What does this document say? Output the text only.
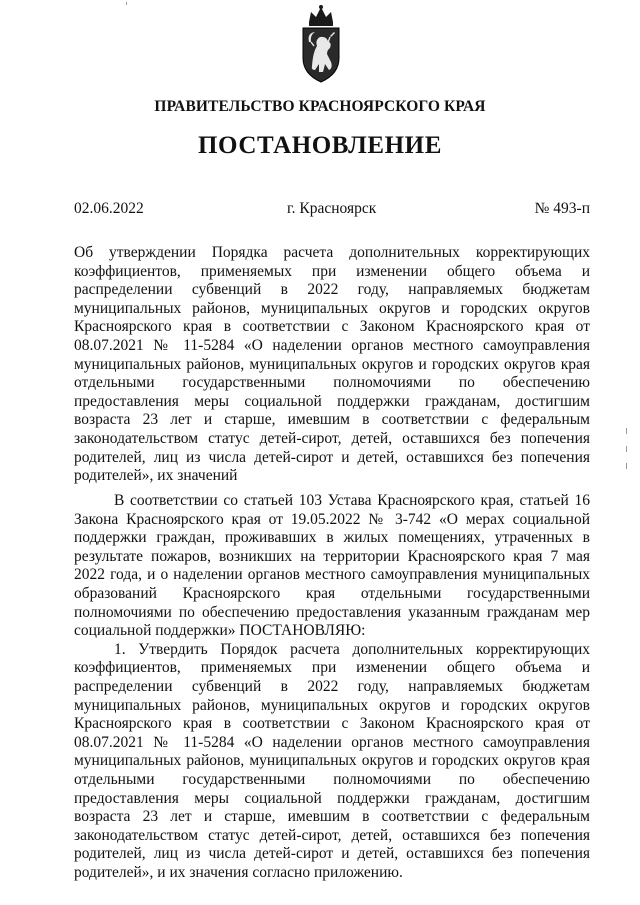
ПРАВИТЕЛЬСТВО КРАСНОЯРСКОГО КРАЯ
ПОСТАНОВЛЕНИЕ
02.06.2022	г. Красноярск	№ 493-п

Об утверждении Порядка расчета дополнительных корректирующих коэффициентов, применяемых при изменении общего объема и распределении субвенций в 2022 году, направляемых бюджетам муниципальных районов, муниципальных округов и городских округов Красноярского края в соответствии с Законом Красноярского края от 08.07.2021 № 11-5284 «О наделении органов местного самоуправления муниципальных районов, муниципальных округов и городских округов края отдельными государственными полномочиями по обеспечению предоставления меры социальной поддержки гражданам, достигшим возраста 23 лет и старше, имевшим в соответствии с федеральным законодательством статус детей-сирот, детей, оставшихся без попечения родителей, лиц из числа детей-сирот и детей, оставшихся без попечения родителей», их значений

В соответствии со статьей 103 Устава Красноярского края, статьей 16 Закона Красноярского края от 19.05.2022 № 3-742 «О мерах социальной поддержки граждан, проживавших в жилых помещениях, утраченных в результате пожаров, возникших на территории Красноярского края 7 мая 2022 года, и о наделении органов местного самоуправления муниципальных образований Красноярского края отдельными государственными полномочиями по обеспечению предоставления указанным гражданам мер социальной поддержки» ПОСТАНОВЛЯЮ:

1. Утвердить Порядок расчета дополнительных корректирующих коэффициентов, применяемых при изменении общего объема и распределении субвенций в 2022 году, направляемых бюджетам муниципальных районов, муниципальных округов и городских округов Красноярского края в соответствии с Законом Красноярского края от 08.07.2021 № 11-5284 «О наделении органов местного самоуправления муниципальных районов, муниципальных округов и городских округов края отдельными государственными полномочиями по обеспечению предоставления меры социальной поддержки гражданам, достигшим возраста 23 лет и старше, имевшим в соответствии с федеральным законодательством статус детей-сирот, детей, оставшихся без попечения родителей, лиц из числа детей-сирот и детей, оставшихся без попечения родителей», и их значения согласно приложению.
